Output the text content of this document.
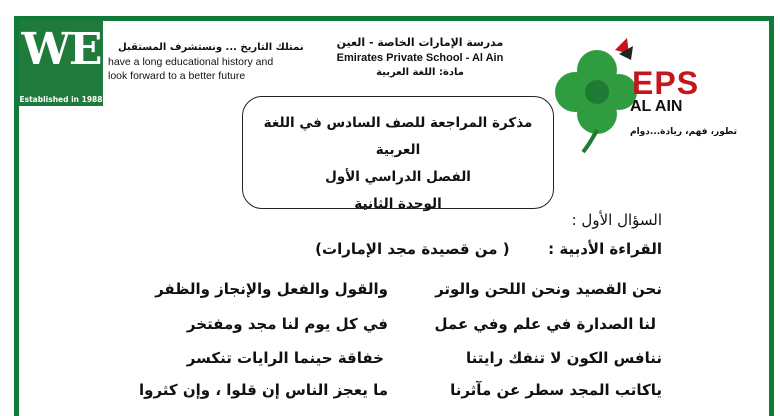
WE
Established in 1988
نمتلك التاريخ ... ونستشرف المستقبل
have a long educational history and
look forward to a better future
مدرسة الإمارات الخاصة - العين
Emirates Private School - Al Ain
مادة: اللغة العربية	EPS
AL AIN
تطور، فهم، ريادة...دوام
مذكرة المراجعة للصف السادس في اللغة العربية
الفصل الدراسي الأول
الوحدة الثانية
السؤال الأول :
القراءة الأدبية :  ( من قصيدة مجد الإمارات)
نحن القصيد ونحن اللحن والوتر
والقول والفعل والإنجاز والظفر
لنا الصدارة في علم وفي عمل
في كل يوم لنا مجد ومفتخر
ننافس الكون لا تنفك رايتنا
خفاقة حينما الرايات تنكسر
ياكاتب المجد سطر عن مآثرنا
ما يعجز الناس إن قلوا ، وإن كثروا
